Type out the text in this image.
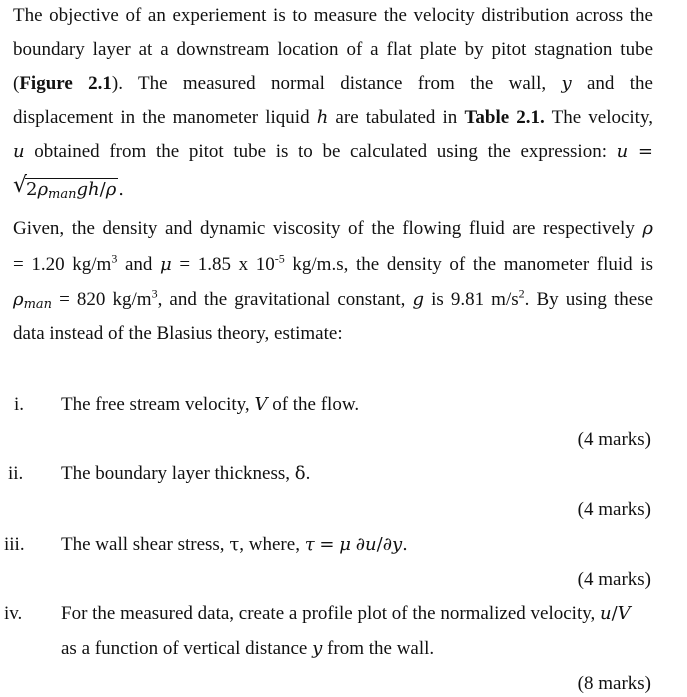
The objective of an experiement is to measure the velocity distribution across the
boundary layer at a downstream location of a flat plate by pitot stagnation tube
(Figure 2.1). The measured normal distance from the wall, y and the
displacement in the manometer liquid h are tabulated in Table 2.1. The velocity,
u obtained from the pitot tube is to be calculated using the expression: u =
√
2ρmangh/ρ .
Given, the density and dynamic viscosity of the flowing fluid are respectively ρ
= 1.20 $kg/m^3$ and μ = 1.85 x $10^{-5}$ kg/m.s, the density of the manometer fluid is
ρman = 820 $kg/m^3$, and the gravitational constant, g is 9.81 $m/s^2$. By using these
data instead of the Blasius theory, estimate:
i. The free stream velocity, V of the flow.
(4 marks)
ii. The boundary layer thickness, δ.
(4 marks)
iii. The wall shear stress, τ, where, τ = μ ∂u/∂y.
(4 marks)
iv. For the measured data, create a profile plot of the normalized velocity, u/V
as a function of vertical distance y from the wall.
(8 marks)
